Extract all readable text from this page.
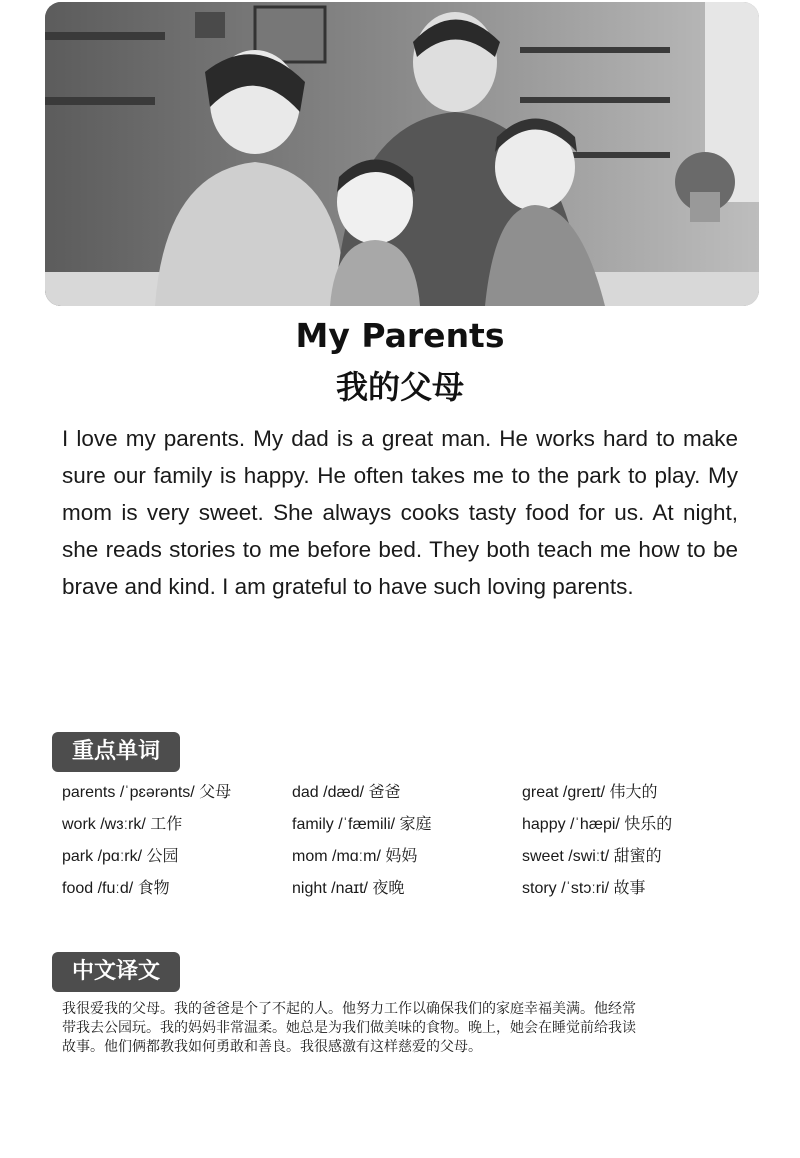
My Parents
我的父母

I love my parents. My dad is a great man. He works hard to make sure our family is happy. He often takes me to the park to play. My mom is very sweet. She always cooks tasty food for us. At night, she reads stories to me before bed. They both teach me how to be brave and kind. I am grateful to have such loving parents.

重点单词
parents /ˈpɛərənts/ 父母	dad /dæd/ 爸爸	great /greɪt/ 伟大的
work /wɜːrk/ 工作	family /ˈfæmili/ 家庭	happy /ˈhæpi/ 快乐的
park /pɑːrk/ 公园	mom /mɑːm/ 妈妈	sweet /swiːt/ 甜蜜的
food /fuːd/ 食物	night /naɪt/ 夜晚	story /ˈstɔːri/ 故事
中文译文

我很爱我的父母。我的爸爸是个了不起的人。他努力工作以确保我们的家庭幸福美满。他经常带我去公园玩。我的妈妈非常温柔。她总是为我们做美味的食物。晚上，她会在睡觉前给我读故事。他们俩都教我如何勇敢和善良。我很感激有这样慈爱的父母。
